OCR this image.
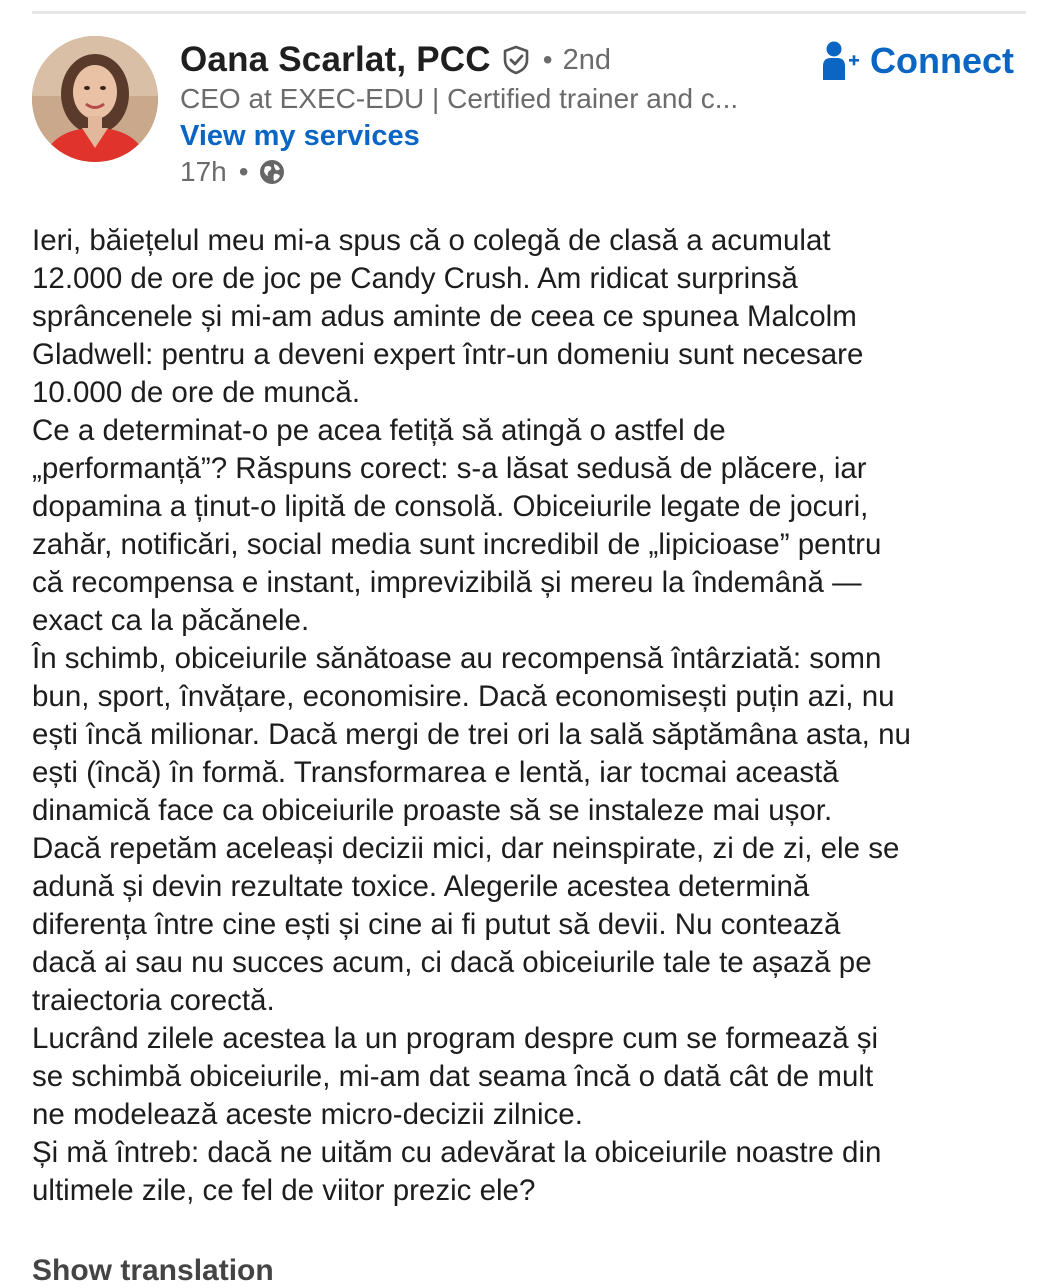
Oana Scarlat, PCC • 2nd
CEO at EXEC-EDU | Certified trainer and c...
View my services
17h •
Connect
Ieri, băiețelul meu mi-a spus că o colegă de clasă a acumulat
12.000 de ore de joc pe Candy Crush. Am ridicat surprinsă
sprâncenele și mi-am adus aminte de ceea ce spunea Malcolm
Gladwell: pentru a deveni expert într-un domeniu sunt necesare
10.000 de ore de muncă.
Ce a determinat-o pe acea fetiță să atingă o astfel de
„performanță”? Răspuns corect: s-a lăsat sedusă de plăcere, iar
dopamina a ținut-o lipită de consolă. Obiceiurile legate de jocuri,
zahăr, notificări, social media sunt incredibil de „lipicioase” pentru
că recompensa e instant, imprevizibilă și mereu la îndemână —
exact ca la păcănele.
În schimb, obiceiurile sănătoase au recompensă întârziată: somn
bun, sport, învățare, economisire. Dacă economisești puțin azi, nu
ești încă milionar. Dacă mergi de trei ori la sală săptămâna asta, nu
ești (încă) în formă. Transformarea e lentă, iar tocmai această
dinamică face ca obiceiurile proaste să se instaleze mai ușor.
Dacă repetăm aceleași decizii mici, dar neinspirate, zi de zi, ele se
adună și devin rezultate toxice. Alegerile acestea determină
diferența între cine ești și cine ai fi putut să devii. Nu contează
dacă ai sau nu succes acum, ci dacă obiceiurile tale te așază pe
traiectoria corectă.
Lucrând zilele acestea la un program despre cum se formează și
se schimbă obiceiurile, mi-am dat seama încă o dată cât de mult
ne modelează aceste micro-decizii zilnice.
Și mă întreb: dacă ne uităm cu adevărat la obiceiurile noastre din
ultimele zile, ce fel de viitor prezic ele?
Show translation
